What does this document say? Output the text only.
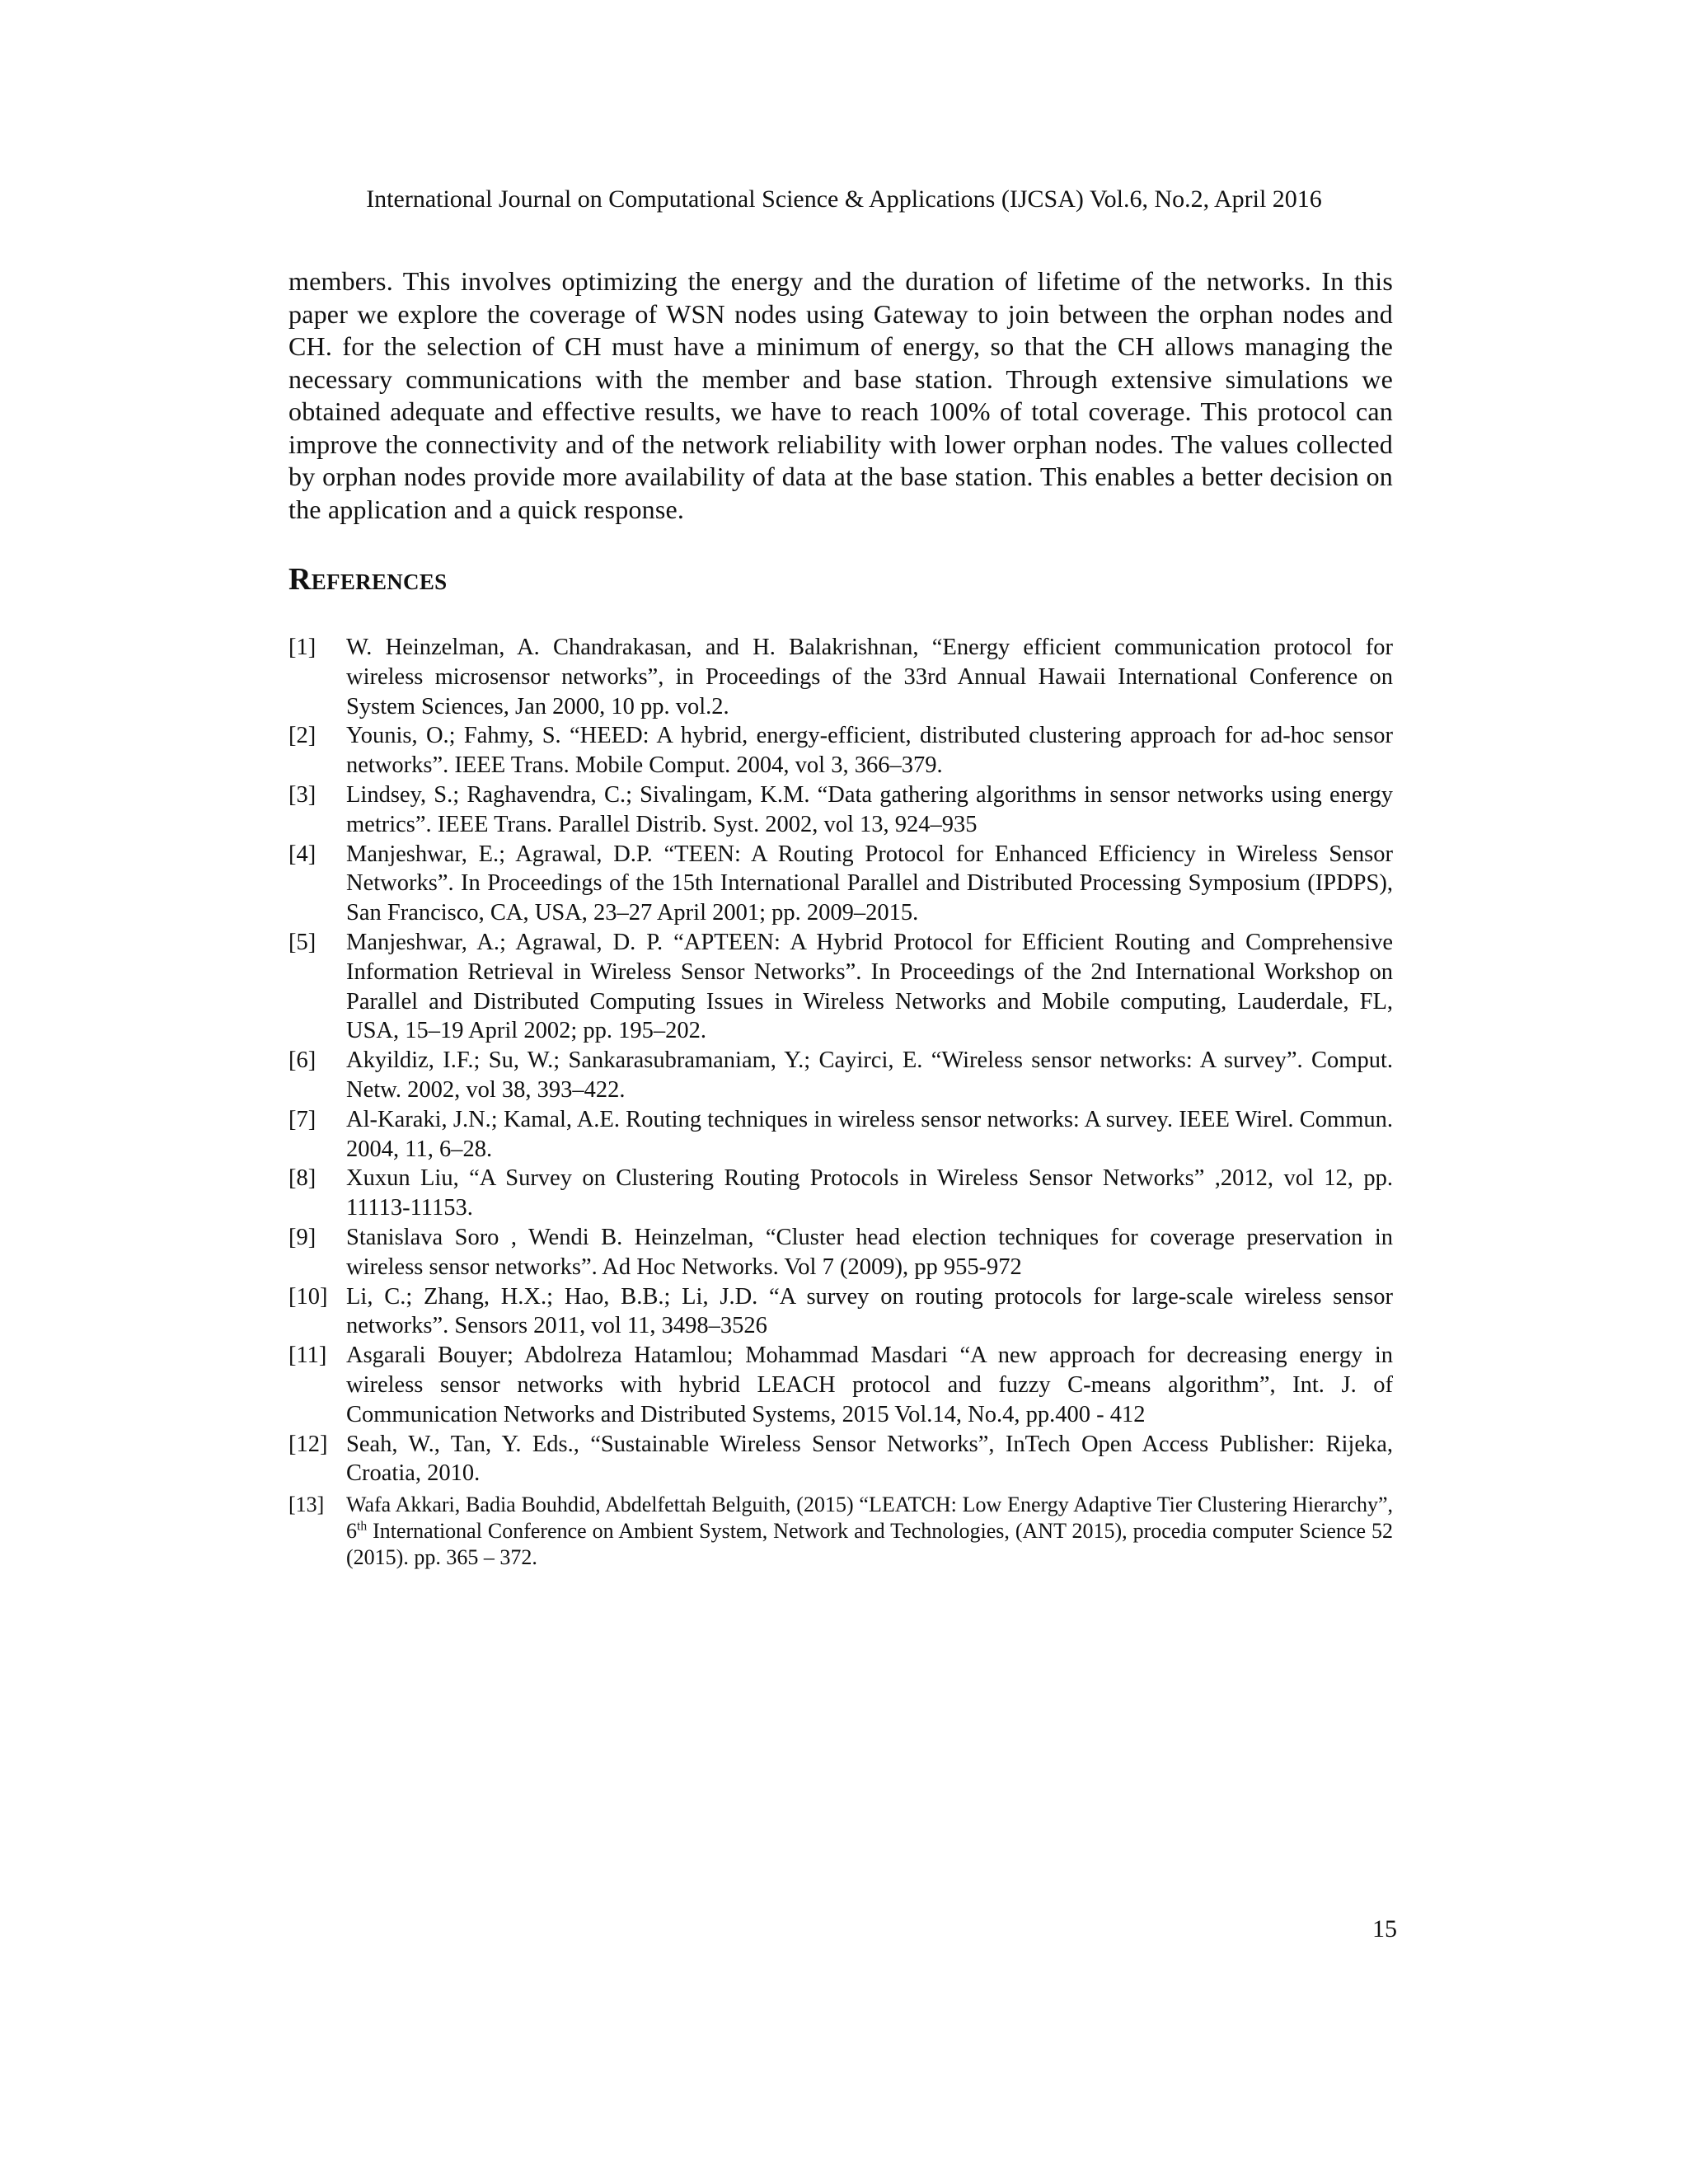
International Journal on Computational Science & Applications (IJCSA) Vol.6, No.2, April 2016

members. This involves optimizing the energy and the duration of lifetime of the networks. In this paper we explore the coverage of WSN nodes using Gateway to join between the orphan nodes and CH. for the selection of CH must have a minimum of energy, so that the CH allows managing the necessary communications with the member and base station. Through extensive simulations we obtained adequate and effective results, we have to reach 100% of total coverage. This protocol can improve the connectivity and of the network reliability with lower orphan nodes. The values collected by orphan nodes provide more availability of data at the base station. This enables a better decision on the application and a quick response.

References
[1]	W. Heinzelman, A. Chandrakasan, and H. Balakrishnan, “Energy efficient communication protocol for wireless microsensor networks”, in Proceedings of the 33rd Annual Hawaii International Conference on System Sciences, Jan 2000, 10 pp. vol.2.
[2]	Younis, O.; Fahmy, S. “HEED: A hybrid, energy-efficient, distributed clustering approach for ad-hoc sensor networks”. IEEE Trans. Mobile Comput. 2004, vol 3, 366–379.
[3]	Lindsey, S.; Raghavendra, C.; Sivalingam, K.M. “Data gathering algorithms in sensor networks using energy metrics”. IEEE Trans. Parallel Distrib. Syst. 2002, vol 13, 924–935
[4]	Manjeshwar, E.; Agrawal, D.P. “TEEN: A Routing Protocol for Enhanced Efficiency in Wireless Sensor Networks”. In Proceedings of the 15th International Parallel and Distributed Processing Symposium (IPDPS), San Francisco, CA, USA, 23–27 April 2001; pp. 2009–2015.
[5]	Manjeshwar, A.; Agrawal, D. P. “APTEEN: A Hybrid Protocol for Efficient Routing and Comprehensive Information Retrieval in Wireless Sensor Networks”. In Proceedings of the 2nd International Workshop on Parallel and Distributed Computing Issues in Wireless Networks and Mobile computing, Lauderdale, FL, USA, 15–19 April 2002; pp. 195–202.
[6]	Akyildiz, I.F.; Su, W.; Sankarasubramaniam, Y.; Cayirci, E. “Wireless sensor networks: A survey”. Comput. Netw. 2002, vol 38, 393–422.
[7]	Al-Karaki, J.N.; Kamal, A.E. Routing techniques in wireless sensor networks: A survey. IEEE Wirel. Commun. 2004, 11, 6–28.
[8]	Xuxun Liu, “A Survey on Clustering Routing Protocols in Wireless Sensor Networks” ,2012, vol 12, pp. 11113-11153.
[9]	Stanislava Soro , Wendi B. Heinzelman, “Cluster head election techniques for coverage preservation in wireless sensor networks”. Ad Hoc Networks. Vol 7 (2009), pp 955-972
[10] Li, C.; Zhang, H.X.; Hao, B.B.; Li, J.D. “A survey on routing protocols for large-scale wireless sensor networks”. Sensors 2011, vol 11, 3498–3526
[11] Asgarali Bouyer; Abdolreza Hatamlou; Mohammad Masdari “A new approach for decreasing energy in wireless sensor networks with hybrid LEACH protocol and fuzzy C-means algorithm”, Int. J. of Communication Networks and Distributed Systems, 2015 Vol.14, No.4, pp.400 - 412
[12] Seah, W., Tan, Y. Eds., “Sustainable Wireless Sensor Networks”, InTech Open Access Publisher: Rijeka, Croatia, 2010.
[13]	Wafa Akkari, Badia Bouhdid, Abdelfettah Belguith, (2015) “LEATCH: Low Energy Adaptive Tier Clustering Hierarchy”, 6th International Conference on Ambient System, Network and Technologies, (ANT 2015), procedia computer Science 52 (2015). pp. 365 – 372.
15
